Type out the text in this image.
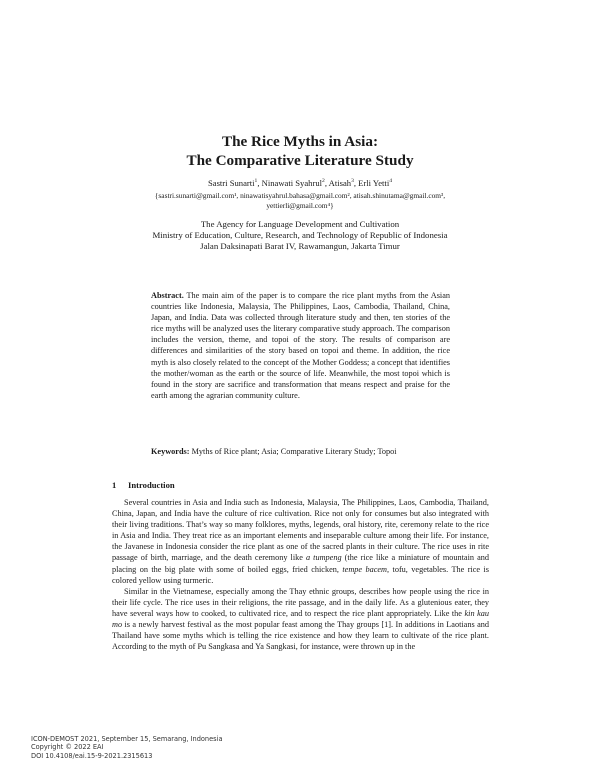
The Rice Myths in Asia:
The Comparative Literature Study
Sastri Sunarti$^1$, Ninawati Syahrul$^2$, Atisah$^3$, Erli Yetti$^4$
{sastri.sunarti@gmail.com¹, ninawatisyahrul.bahasa@gmail.com², atisah.shinutama@gmail.com³,
yettierli@gmail.com⁴}
The Agency for Language Development and Cultivation
Ministry of Education, Culture, Research, and Technology of Republic of Indonesia
Jalan Daksinapati Barat IV, Rawamangun, Jakarta Timur
Abstract. The main aim of the paper is to compare the rice plant myths from the Asian countries like Indonesia, Malaysia, The Philippines, Laos, Cambodia, Thailand, China, Japan, and India. Data was collected through literature study and then, ten stories of the rice myths will be analyzed uses the literary comparative study approach. The comparison includes the version, theme, and topoi of the story. The results of comparison are differences and similarities of the story based on topoi and theme. In addition, the rice myth is also closely related to the concept of the Mother Goddess; a concept that identifies the mother/woman as the earth or the source of life. Meanwhile, the most topoi which is found in the story are sacrifice and transformation that means respect and praise for the earth among the agrarian community culture.
Keywords: Myths of Rice plant; Asia; Comparative Literary Study; Topoi
1 Introduction

Several countries in Asia and India such as Indonesia, Malaysia, The Philippines, Laos, Cambodia, Thailand, China, Japan, and India have the culture of rice cultivation. Rice not only for consumes but also integrated with their living traditions. That’s way so many folklores, myths, legends, oral history, rite, ceremony relate to the rice in Asia and India. They treat rice as an important elements and inseparable culture among their life. For instance, the Javanese in Indonesia consider the rice plant as one of the sacred plants in their culture. The rice uses in rite passage of birth, marriage, and the death ceremony like a tumpeng (the rice like a miniature of mountain and placing on the big plate with some of boiled eggs, fried chicken, tempe bacem, tofu, vegetables. The rice is colored yellow using turmeric.

Similar in the Vietnamese, especially among the Thay ethnic groups, describes how people using the rice in their life cycle. The rice uses in their religions, the rite passage, and in the daily life. As a glutenious eater, they have several ways how to cooked, to cultivated rice, and to respect the rice plant appropriately. Like the kin kau mo is a newly harvest festival as the most popular feast among the Thay groups [1]. In additions in Laotians and Thailand have some myths which is telling the rice existence and how they learn to cultivate of the rice plant. According to the myth of Pu Sangkasa and Ya Sangkasi, for instance, were thrown up in the

ICON-DEMOST 2021, September 15, Semarang, Indonesia
Copyright © 2022 EAI
DOI 10.4108/eai.15-9-2021.2315613
